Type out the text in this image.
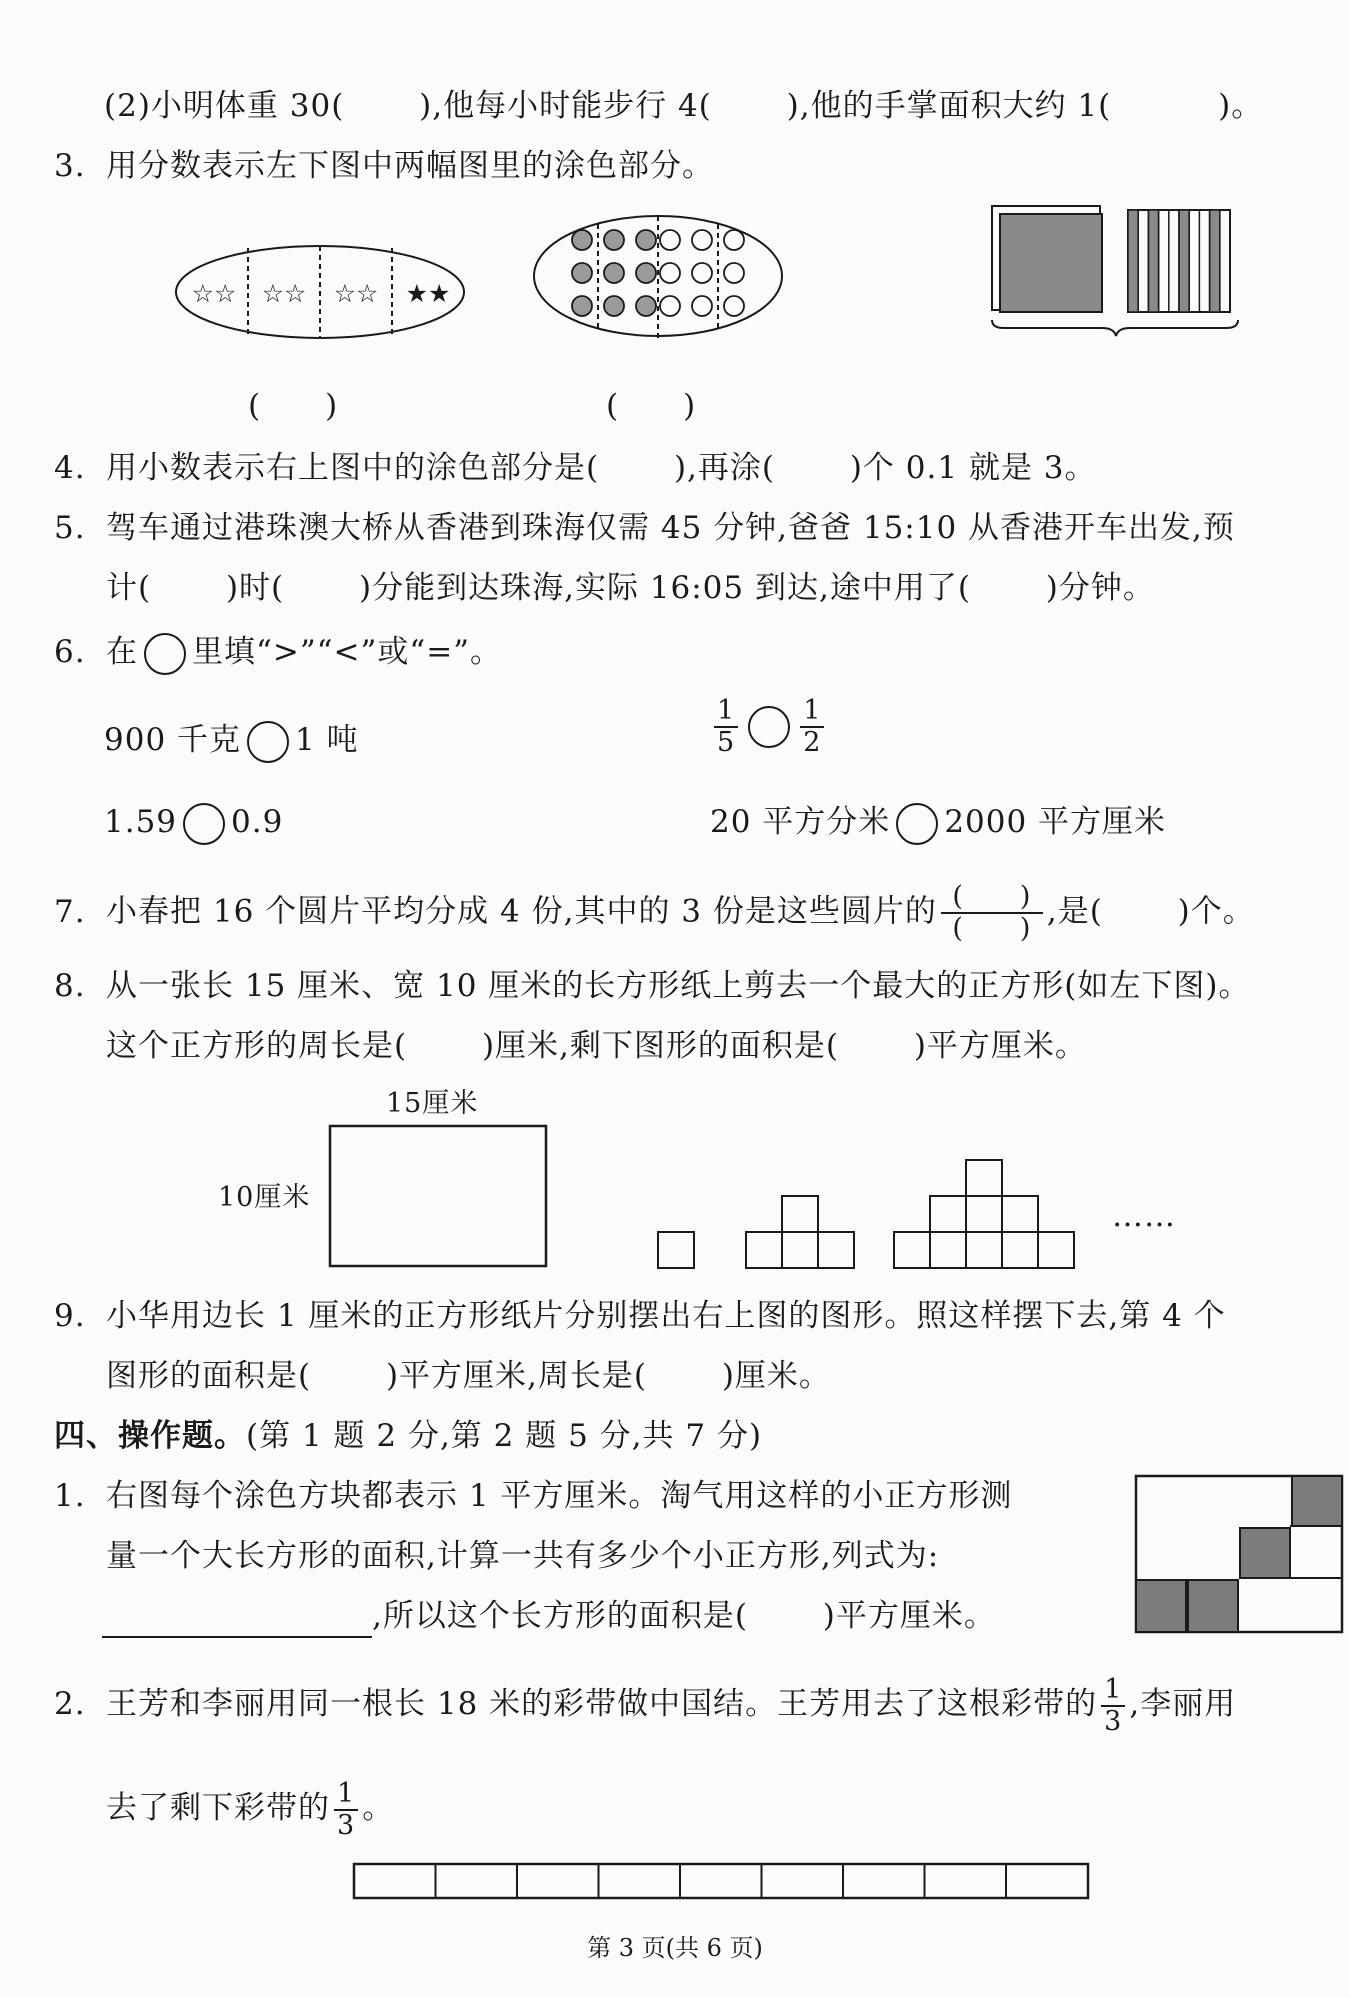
(2)小明体重 30(　　 ),他每小时能步行 4(　　 ),他的手掌面积大约 1(　　　 )。
3. 用分数表示左下图中两幅图里的涂色部分。
☆☆ ☆☆ ☆☆ ★★
(　　)	(　　)
4. 用小数表示右上图中的涂色部分是(　　 ),再涂(　　 )个 0.1 就是 3。
5. 驾车通过港珠澳大桥从香港到珠海仅需 45 分钟,爸爸 15:10 从香港开车出发,预
计(　　 )时(　　 )分能到达珠海,实际 16:05 到达,途中用了(　　 )分钟。
6. 在 里填“>”“<”或“=”。
900 千克 1 吨	$\frac{1}{5} \frac{1}{2}$
1.59 0.9	20 平方分米 2000 平方厘米
7. 小春把 16 个圆片平均分成 4 份,其中的 3 份是这些圆片的 $\frac{( )}{( )}$ ,是(　　 )个。
8. 从一张长 15 厘米、宽 10 厘米的长方形纸上剪去一个最大的正方形(如左下图)。
这个正方形的周长是(　　 )厘米,剩下图形的面积是(　　 )平方厘米。
15厘米
10厘米
……
9. 小华用边长 1 厘米的正方形纸片分别摆出右上图的图形。照这样摆下去,第 4 个
图形的面积是(　　 )平方厘米,周长是(　　 )厘米。
四、操作题。(第 1 题 2 分,第 2 题 5 分,共 7 分)
1. 右图每个涂色方块都表示 1 平方厘米。淘气用这样的小正方形测
量一个大长方形的面积,计算一共有多少个小正方形,列式为:
,所以这个长方形的面积是(　　 )平方厘米。
2. 王芳和李丽用同一根长 18 米的彩带做中国结。王芳用去了这根彩带的 $\frac{1}{3}$ ,李丽用
去了剩下彩带的 $\frac{1}{3}$ 。
第 3 页(共 6 页)
